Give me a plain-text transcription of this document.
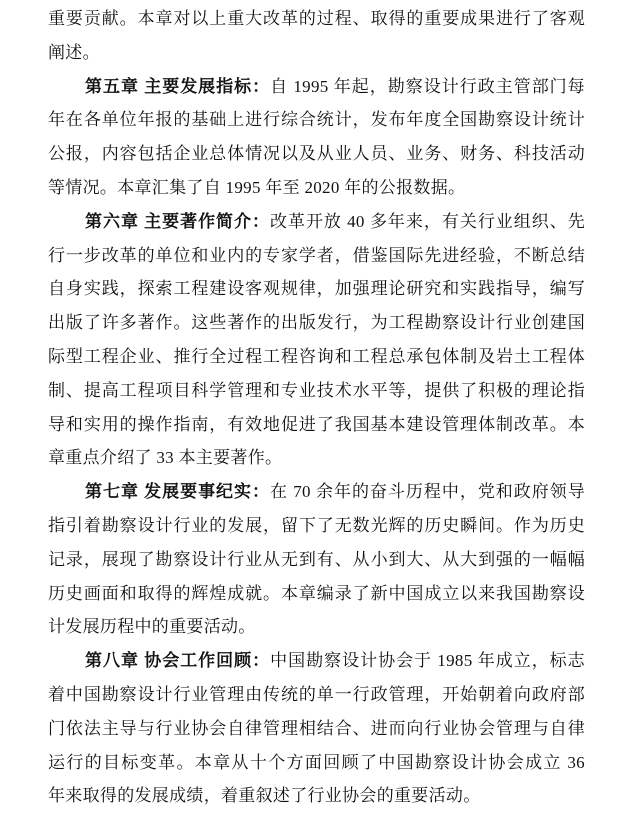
重要贡献。本章对以上重大改革的过程、取得的重要成果进行了客观
阐述。
第五章 主要发展指标：自 1995 年起，勘察设计行政主管部门每
年在各单位年报的基础上进行综合统计，发布年度全国勘察设计统计
公报，内容包括企业总体情况以及从业人员、业务、财务、科技活动
等情况。本章汇集了自 1995 年至 2020 年的公报数据。
第六章 主要著作简介：改革开放 40 多年来，有关行业组织、先
行一步改革的单位和业内的专家学者，借鉴国际先进经验，不断总结
自身实践，探索工程建设客观规律，加强理论研究和实践指导，编写
出版了许多著作。这些著作的出版发行，为工程勘察设计行业创建国
际型工程企业、推行全过程工程咨询和工程总承包体制及岩土工程体
制、提高工程项目科学管理和专业技术水平等，提供了积极的理论指
导和实用的操作指南，有效地促进了我国基本建设管理体制改革。本
章重点介绍了 33 本主要著作。
第七章 发展要事纪实：在 70 余年的奋斗历程中，党和政府领导
指引着勘察设计行业的发展，留下了无数光辉的历史瞬间。作为历史
记录，展现了勘察设计行业从无到有、从小到大、从大到强的一幅幅
历史画面和取得的辉煌成就。本章编录了新中国成立以来我国勘察设
计发展历程中的重要活动。
第八章 协会工作回顾：中国勘察设计协会于 1985 年成立，标志
着中国勘察设计行业管理由传统的单一行政管理，开始朝着向政府部
门依法主导与行业协会自律管理相结合、进而向行业协会管理与自律
运行的目标变革。本章从十个方面回顾了中国勘察设计协会成立 36
年来取得的发展成绩，着重叙述了行业协会的重要活动。
